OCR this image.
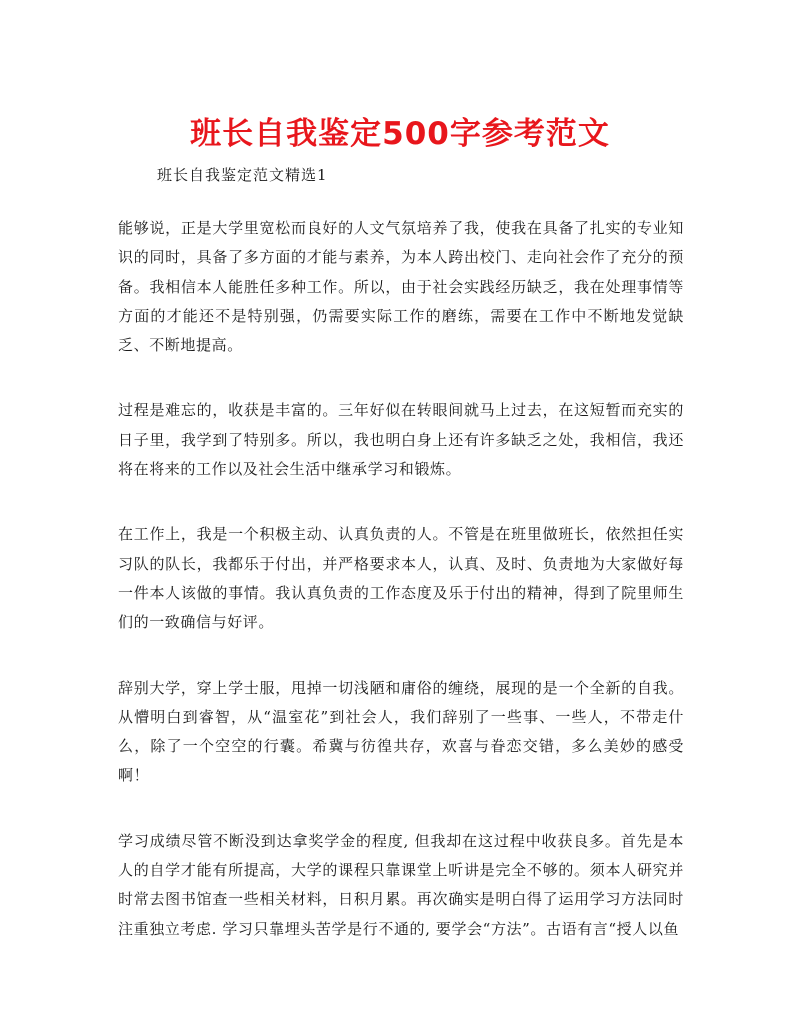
班长自我鉴定500字参考范文

班长自我鉴定范文精选1

能够说，正是大学里宽松而良好的人文气氛培养了我，使我在具备了扎实的专业知识的同时，具备了多方面的才能与素养，为本人跨出校门、走向社会作了充分的预备。我相信本人能胜任多种工作。所以，由于社会实践经历缺乏，我在处理事情等方面的才能还不是特别强，仍需要实际工作的磨练，需要在工作中不断地发觉缺乏、不断地提高。

过程是难忘的，收获是丰富的。三年好似在转眼间就马上过去，在这短暂而充实的日子里，我学到了特别多。所以，我也明白身上还有许多缺乏之处，我相信，我还将在将来的工作以及社会生活中继承学习和锻炼。

在工作上，我是一个积极主动、认真负责的人。不管是在班里做班长，依然担任实习队的队长，我都乐于付出，并严格要求本人，认真、及时、负责地为大家做好每一件本人该做的事情。我认真负责的工作态度及乐于付出的精神，得到了院里师生们的一致确信与好评。

辞别大学，穿上学士服，甩掉一切浅陋和庸俗的缠绕，展现的是一个全新的自我。从懵明白到睿智，从“温室花”到社会人，我们辞别了一些事、一些人，不带走什么，除了一个空空的行囊。希冀与彷徨共存，欢喜与眷恋交错，多么美妙的感受啊！

学习成绩尽管不断没到达拿奖学金的程度, 但我却在这过程中收获良多。首先是本人的自学才能有所提高，大学的课程只靠课堂上听讲是完全不够的。须本人研究并时常去图书馆查一些相关材料，日积月累。再次确实是明白得了运用学习方法同时注重独立考虑. 学习只靠埋头苦学是行不通的, 要学会“方法”。古语有言“授人以鱼
